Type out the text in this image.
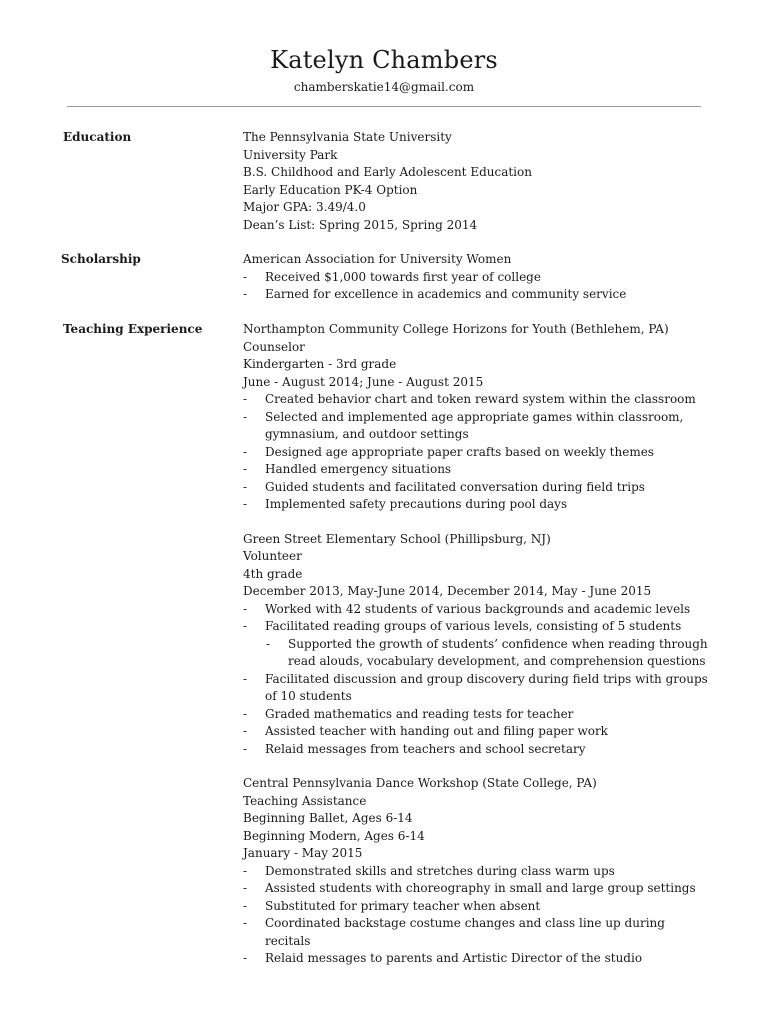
Katelyn Chambers
chamberskatie14@gmail.com
Education	The Pennsylvania State University
University Park
B.S. Childhood and Early Adolescent Education
Early Education PK-4 Option
Major GPA: 3.49/4.0
Dean’s List: Spring 2015, Spring 2014
Scholarship	American Association for University Women
- Received $1,000 towards first year of college
- Earned for excellence in academics and community service
Teaching Experience	Northampton Community College Horizons for Youth (Bethlehem, PA)
Counselor
Kindergarten - 3rd grade
June - August 2014; June - August 2015
- Created behavior chart and token reward system within the classroom
- Selected and implemented age appropriate games within classroom, gymnasium, and outdoor settings
- Designed age appropriate paper crafts based on weekly themes
- Handled emergency situations
- Guided students and facilitated conversation during field trips
- Implemented safety precautions during pool days
Green Street Elementary School (Phillipsburg, NJ)
Volunteer
4th grade
December 2013, May-June 2014, December 2014, May - June 2015
- Worked with 42 students of various backgrounds and academic levels
- Facilitated reading groups of various levels, consisting of 5 students
- Supported the growth of students’ confidence when reading through read alouds, vocabulary development, and comprehension questions
- Facilitated discussion and group discovery during field trips with groups of 10 students
- Graded mathematics and reading tests for teacher
- Assisted teacher with handing out and filing paper work
- Relaid messages from teachers and school secretary
Central Pennsylvania Dance Workshop (State College, PA)
Teaching Assistance
Beginning Ballet, Ages 6-14
Beginning Modern, Ages 6-14
January - May 2015
- Demonstrated skills and stretches during class warm ups
- Assisted students with choreography in small and large group settings
- Substituted for primary teacher when absent
- Coordinated backstage costume changes and class line up during recitals
- Relaid messages to parents and Artistic Director of the studio
